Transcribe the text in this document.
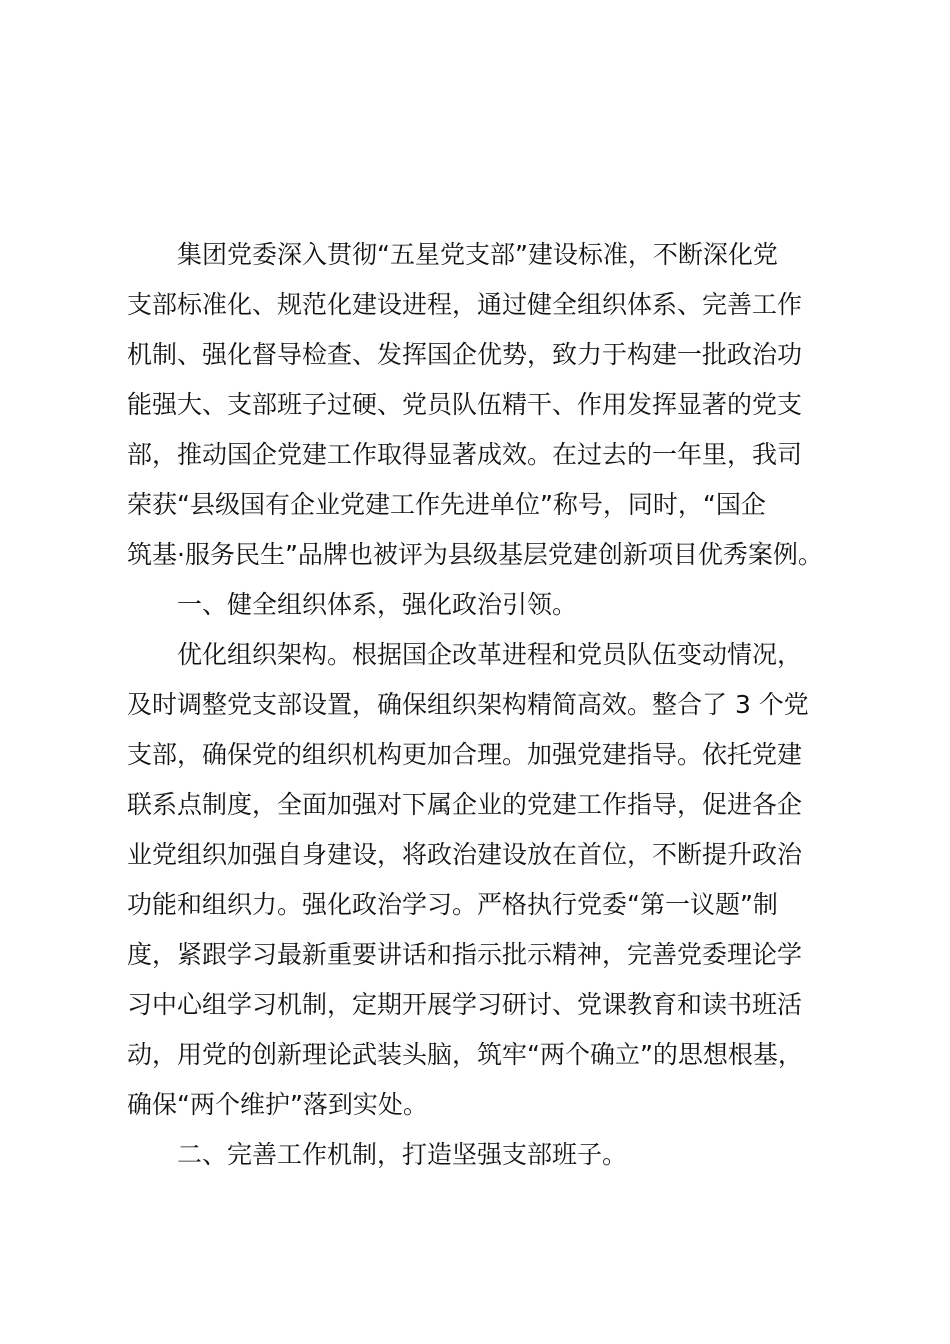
集团党委深入贯彻“五星党支部”建设标准，不断深化党
支部标准化、规范化建设进程，通过健全组织体系、完善工作
机制、强化督导检查、发挥国企优势，致力于构建一批政治功
能强大、支部班子过硬、党员队伍精干、作用发挥显著的党支
部，推动国企党建工作取得显著成效。在过去的一年里，我司
荣获“县级国有企业党建工作先进单位”称号，同时，“国企
筑基·服务民生”品牌也被评为县级基层党建创新项目优秀案例。
一、健全组织体系，强化政治引领。
优化组织架构。根据国企改革进程和党员队伍变动情况，
及时调整党支部设置，确保组织架构精简高效。整合了 3 个党
支部，确保党的组织机构更加合理。加强党建指导。依托党建
联系点制度，全面加强对下属企业的党建工作指导，促进各企
业党组织加强自身建设，将政治建设放在首位，不断提升政治
功能和组织力。强化政治学习。严格执行党委“第一议题”制
度，紧跟学习最新重要讲话和指示批示精神，完善党委理论学
习中心组学习机制，定期开展学习研讨、党课教育和读书班活
动，用党的创新理论武装头脑，筑牢“两个确立”的思想根基，
确保“两个维护”落到实处。
二、完善工作机制，打造坚强支部班子。
